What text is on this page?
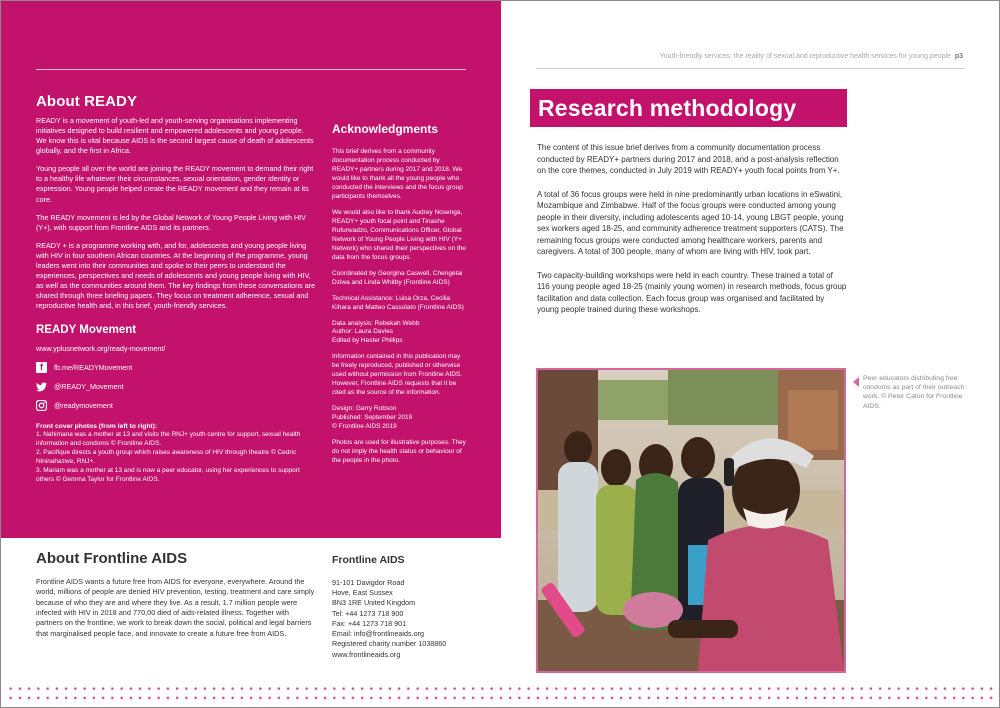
About READY

READY is a movement of youth-led and youth-serving organisations implementing initiatives designed to build resilient and empowered adolescents and young people. We know this is vital because AIDS is the second largest cause of death of adolescents globally, and the first in Africa.

Young people all over the world are joining the READY movement to demand their right to a healthy life whatever their circumstances, sexual orientation, gender identity or expression. Young people helped create the READY movement and they remain at its core.

The READY movement is led by the Global Network of Young People Living with HIV (Y+), with support from Frontline AIDS and its partners.

READY + is a programme working with, and for, adolescents and young people living with HIV in four southern African countries. At the beginning of the programme, young leaders went into their communities and spoke to their peers to understand the experiences, perspectives and needs of adolescents and young people living with HIV, as well as the communities around them. The key findings from these conversations are shared through three briefing papers. They focus on treatment adherence, sexual and reproductive health and, in this brief, youth-friendly services.

READY Movement
www.yplusnetwork.org/ready-movement/
f	fb.me/READYMovement
@READY_Movement
@readymovement
Front cover photos (from left to right):

1. Nahimana was a mother at 13 and visits the RNJ+ youth centre for support, sexual health information and condoms © Frontline AIDS.

2. Pacifique directs a youth group which raises awareness of HIV through theatre © Cedric Nininahazwe, RNJ+.

3. Mariam was a mother at 13 and is now a peer educator, using her experiences to support others © Gemma Taylor for Frontline AIDS.

Acknowledgments

This brief derives from a community documentation process conducted by READY+ partners during 2017 and 2018. We would like to thank all the young people who conducted the interviews and the focus group participants themselves.

We would also like to thank Audrey Nosenga, READY+ youth focal point and Tinashe Rufurwadzo, Communications Officer, Global Network of Young People Living with HIV (Y+ Network) who shared their perspectives on the data from the focus groups.

Coordinated by Georgina Caswell, Chengetai Dziwa and Linda Whitby (Frontline AIDS)

Technical Assistance: Luisa Orza, Cecilia Kihara and Matteo Cassolato (Frontline AIDS)

Data analysis: Rebekah Webb
Author: Laura Davies
Edited by Hester Phillips

Information contained in this publication may be freely reproduced, published or otherwise used without permission from Frontline AIDS. However, Frontline AIDS requests that it be cited as the source of the information.

Design: Garry Robson
Published: September 2019
© Frontline AIDS 2019

Photos are used for illustrative purposes. They do not imply the health status or behaviour of the people in the photo.

About Frontline AIDS

Frontline AIDS wants a future free from AIDS for everyone, everywhere. Around the world, millions of people are denied HIV prevention, testing, treatment and care simply because of who they are and where they live. As a result, 1.7 million people were infected with HIV in 2018 and 770,00 died of aids-related illness. Together with partners on the frontline, we work to break down the social, political and legal barriers that marginalised people face, and innovate to create a future free from AIDS.

Frontline AIDS
91-101 Davigdor Road
Hove, East Sussex
BN3 1RE United Kingdom
Tel: +44 1273 718 900
Fax: +44 1273 718 901
Email: info@frontlineaids.org
Registered charity number 1038860
www.frontlineaids.org
Youth-friendly services: the reality of sexual and reproductive health services for young people p3
Research methodology

The content of this issue brief derives from a community documentation process conducted by READY+ partners during 2017 and 2018, and a post-analysis reflection on the core themes, conducted in July 2019 with READY+ youth focal points from Y+.

A total of 36 focus groups were held in nine predominantly urban locations in eSwatini, Mozambique and Zimbabwe. Half of the focus groups were conducted among young people in their diversity, including adolescents aged 10-14, young LBGT people, young sex workers aged 18-25, and community adherence treatment supporters (CATS). The remaining focus groups were conducted among healthcare workers, parents and caregivers. A total of 300 people, many of whom are living with HIV, took part.

Two capacity-building workshops were held in each country. These trained a total of 116 young people aged 18-25 (mainly young women) in research methods, focus group facilitation and data collection. Each focus group was organised and facilitated by young people trained during these workshops.

Peer educators distributing free condoms as part of their outreach work. © Peter Caton for Frontline AIDS.
